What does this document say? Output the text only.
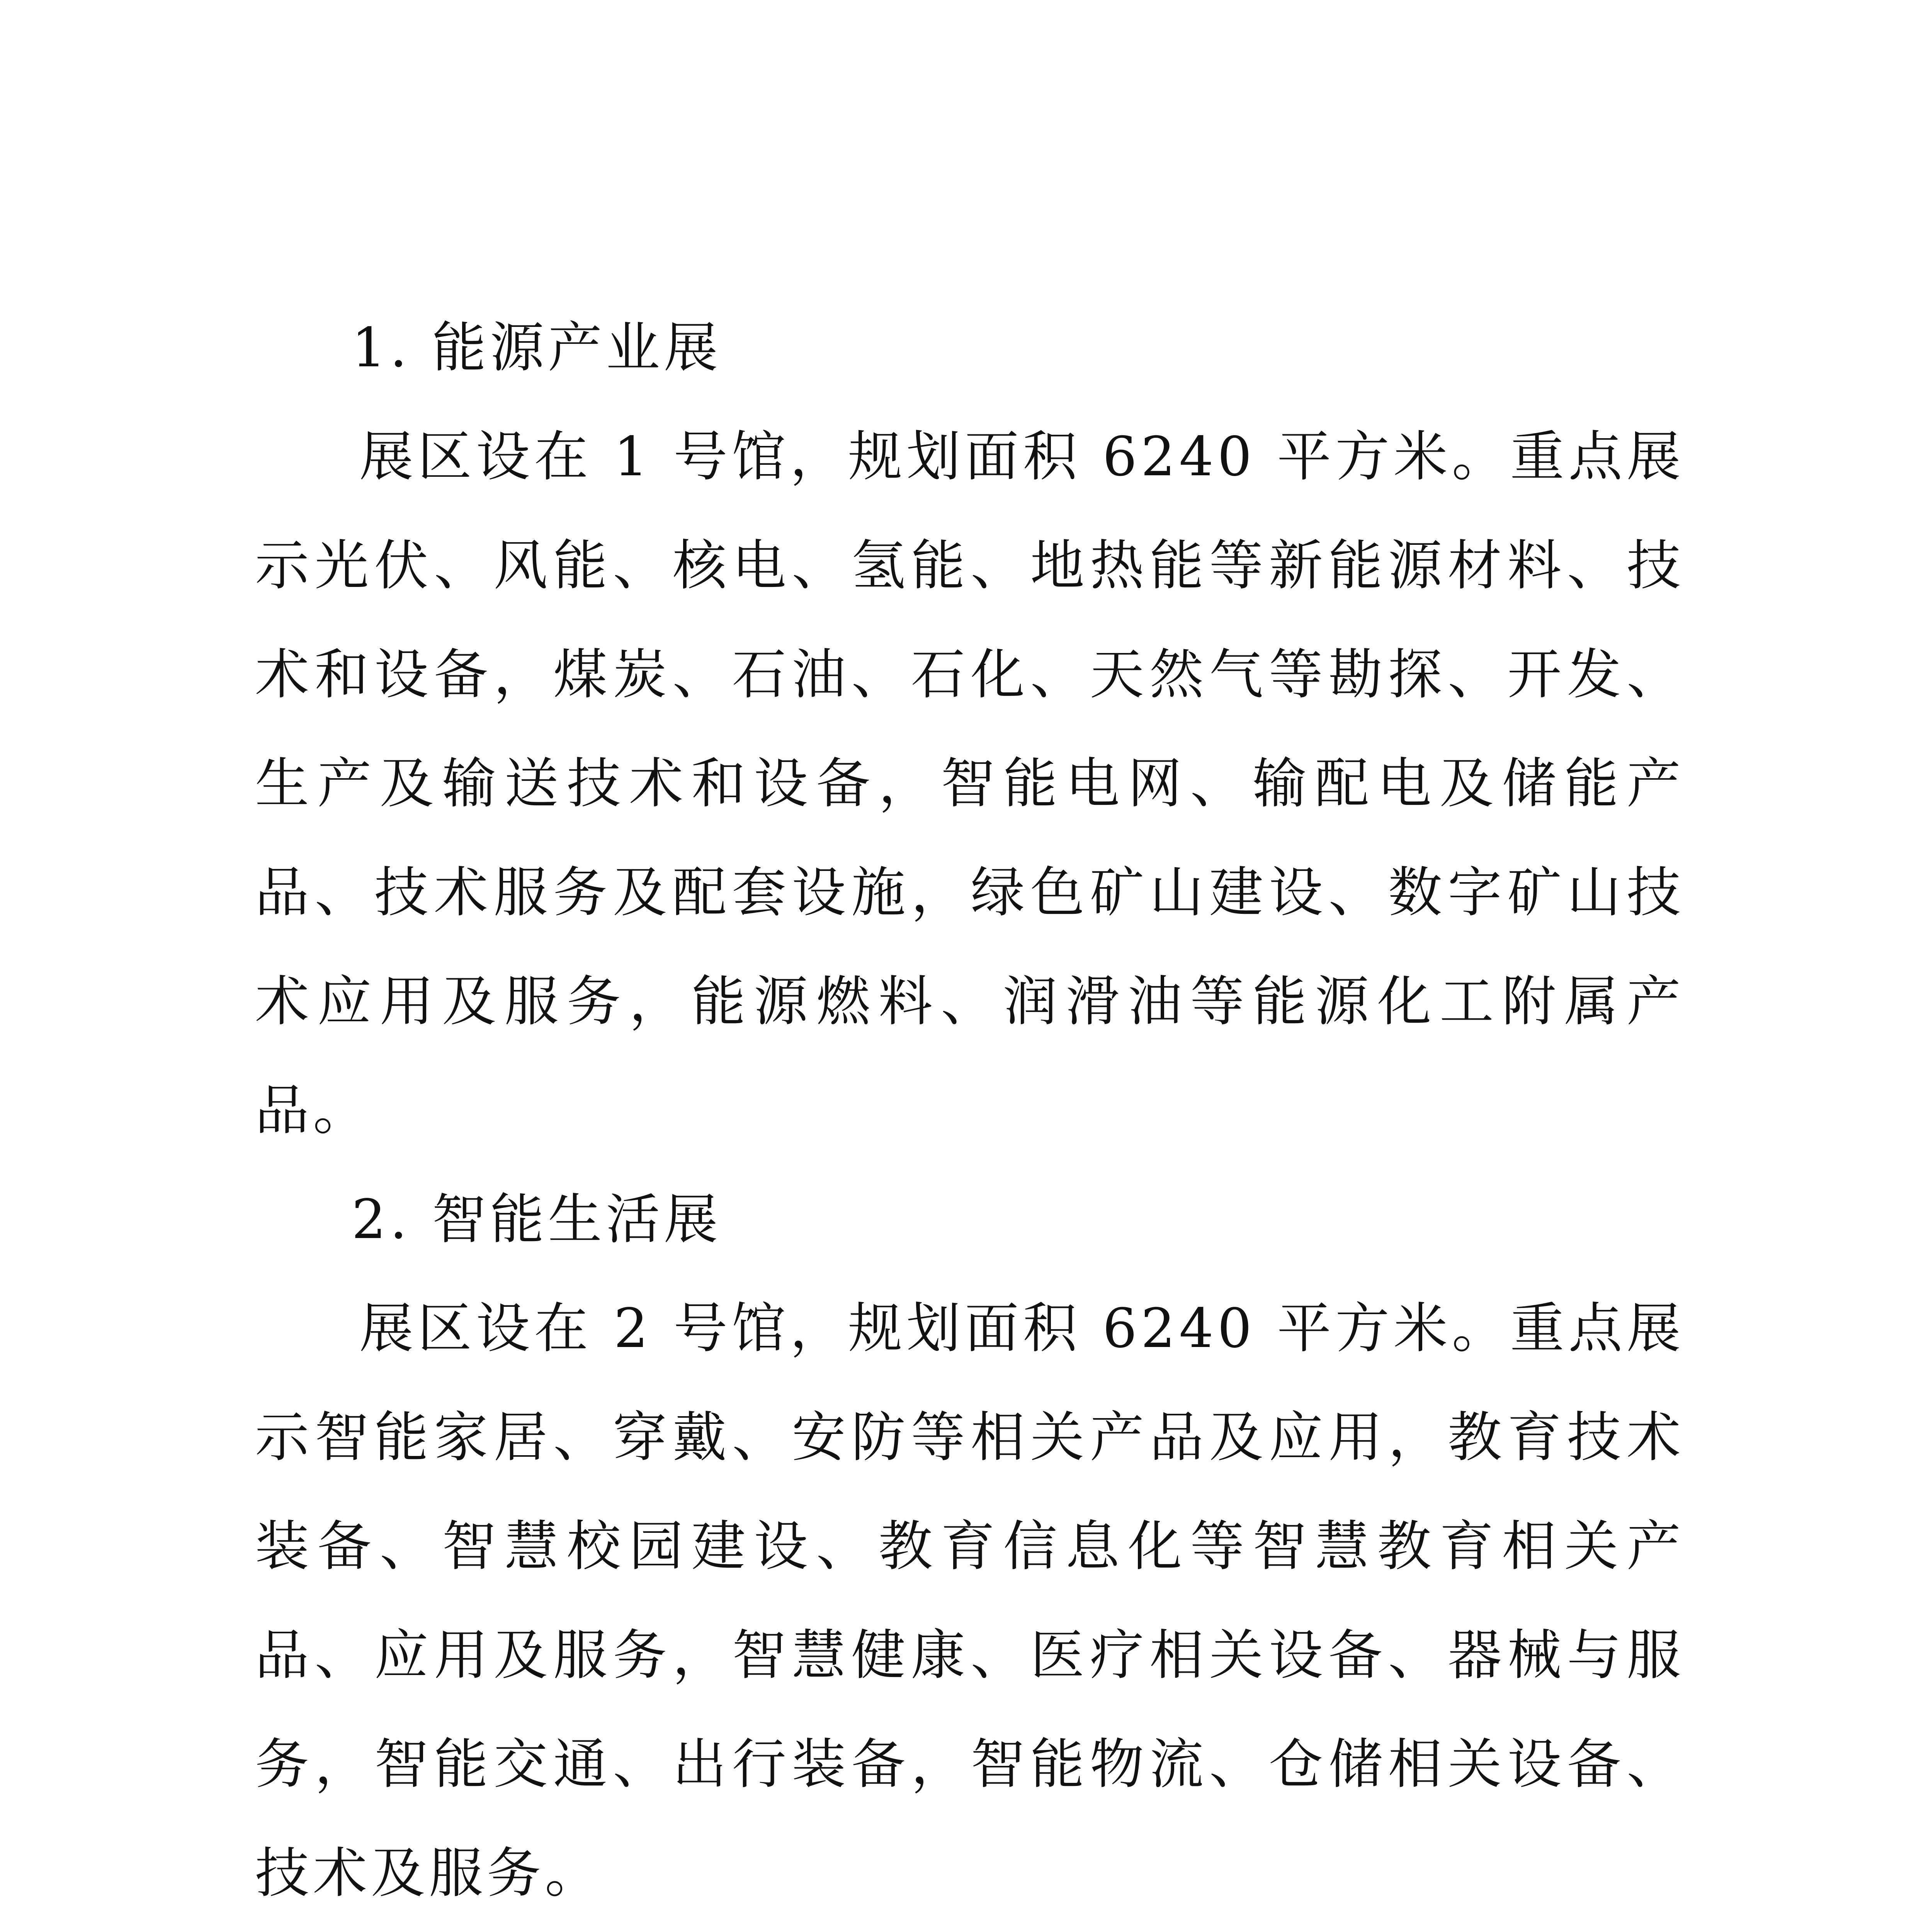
1. 能源产业展

展区设在 1 号馆，规划面积 6240 平方米。重点展示光伏、风能、核电、氢能、地热能等新能源材料、技术和设备，煤炭、石油、石化、天然气等勘探、开发、生产及输送技术和设备，智能电网、输配电及储能产品、技术服务及配套设施，绿色矿山建设、数字矿山技术应用及服务，能源燃料、润滑油等能源化工附属产品。

2. 智能生活展

展区设在 2 号馆，规划面积 6240 平方米。重点展示智能家居、穿戴、安防等相关产品及应用，教育技术装备、智慧校园建设、教育信息化等智慧教育相关产品、应用及服务，智慧健康、医疗相关设备、器械与服务，智能交通、出行装备，智能物流、仓储相关设备、技术及服务。
